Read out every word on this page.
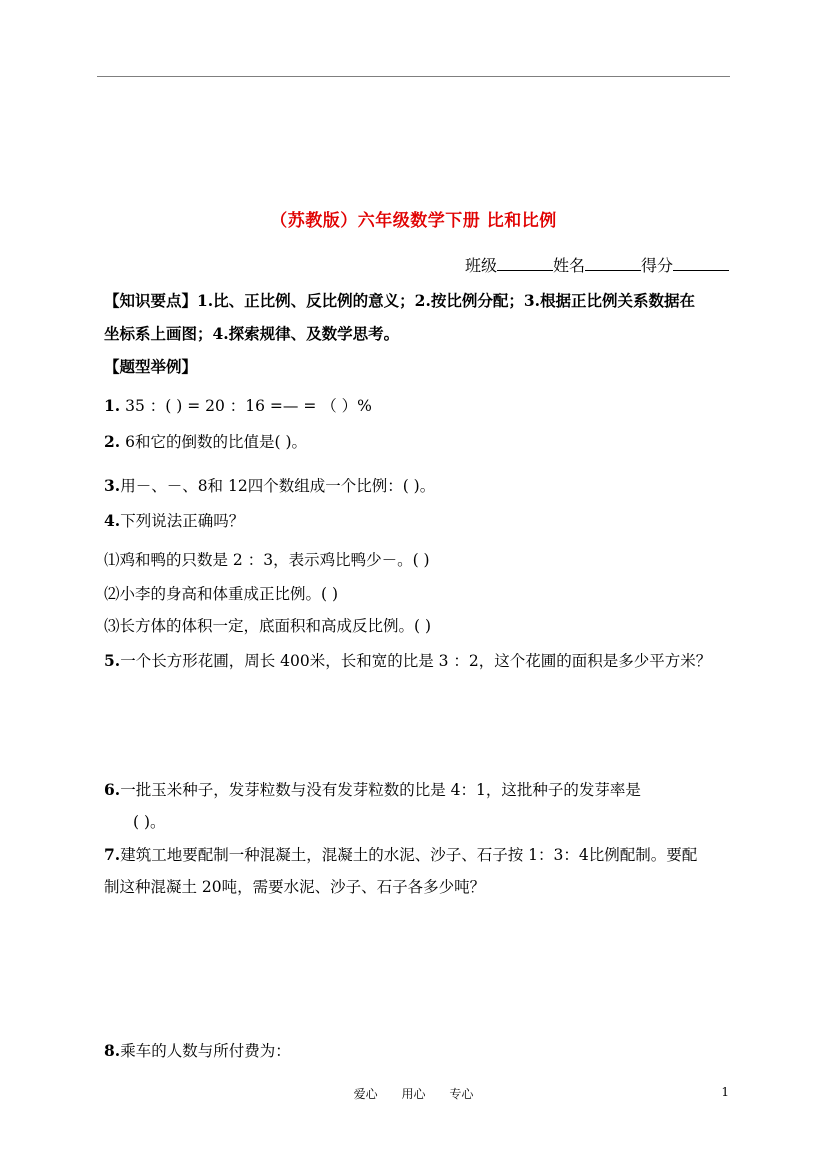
（苏教版）六年级数学下册 比和比例
班级	姓名	得分
【知识要点】1.比、正比例、反比例的意义；2.按比例分配；3.根据正比例关系数据在
坐标系上画图；4.探索规律、及数学思考。
【题型举例】
1. 35 ：( ) = 20 ：16 =— = （ ）%
2. 6和它的倒数的比值是( )。
3.用－、－、8和 12四个数组成一个比例：( )。
4.下列说法正确吗？
⑴鸡和鸭的只数是 2 ：3，表示鸡比鸭少－。( )
⑵小李的身高和体重成正比例。( )
⑶长方体的体积一定，底面积和高成反比例。( )
5.一个长方形花圃，周长 400米，长和宽的比是 3 ：2，这个花圃的面积是多少平方米？
6.一批玉米种子，发芽粒数与没有发芽粒数的比是 4：1，这批种子的发芽率是
( )。
7.建筑工地要配制一种混凝土，混凝土的水泥、沙子、石子按 1：3：4比例配制。要配
制这种混凝土 20吨，需要水泥、沙子、石子各多少吨？
8.乘车的人数与所付费为：
爱心 用心 专心	1
